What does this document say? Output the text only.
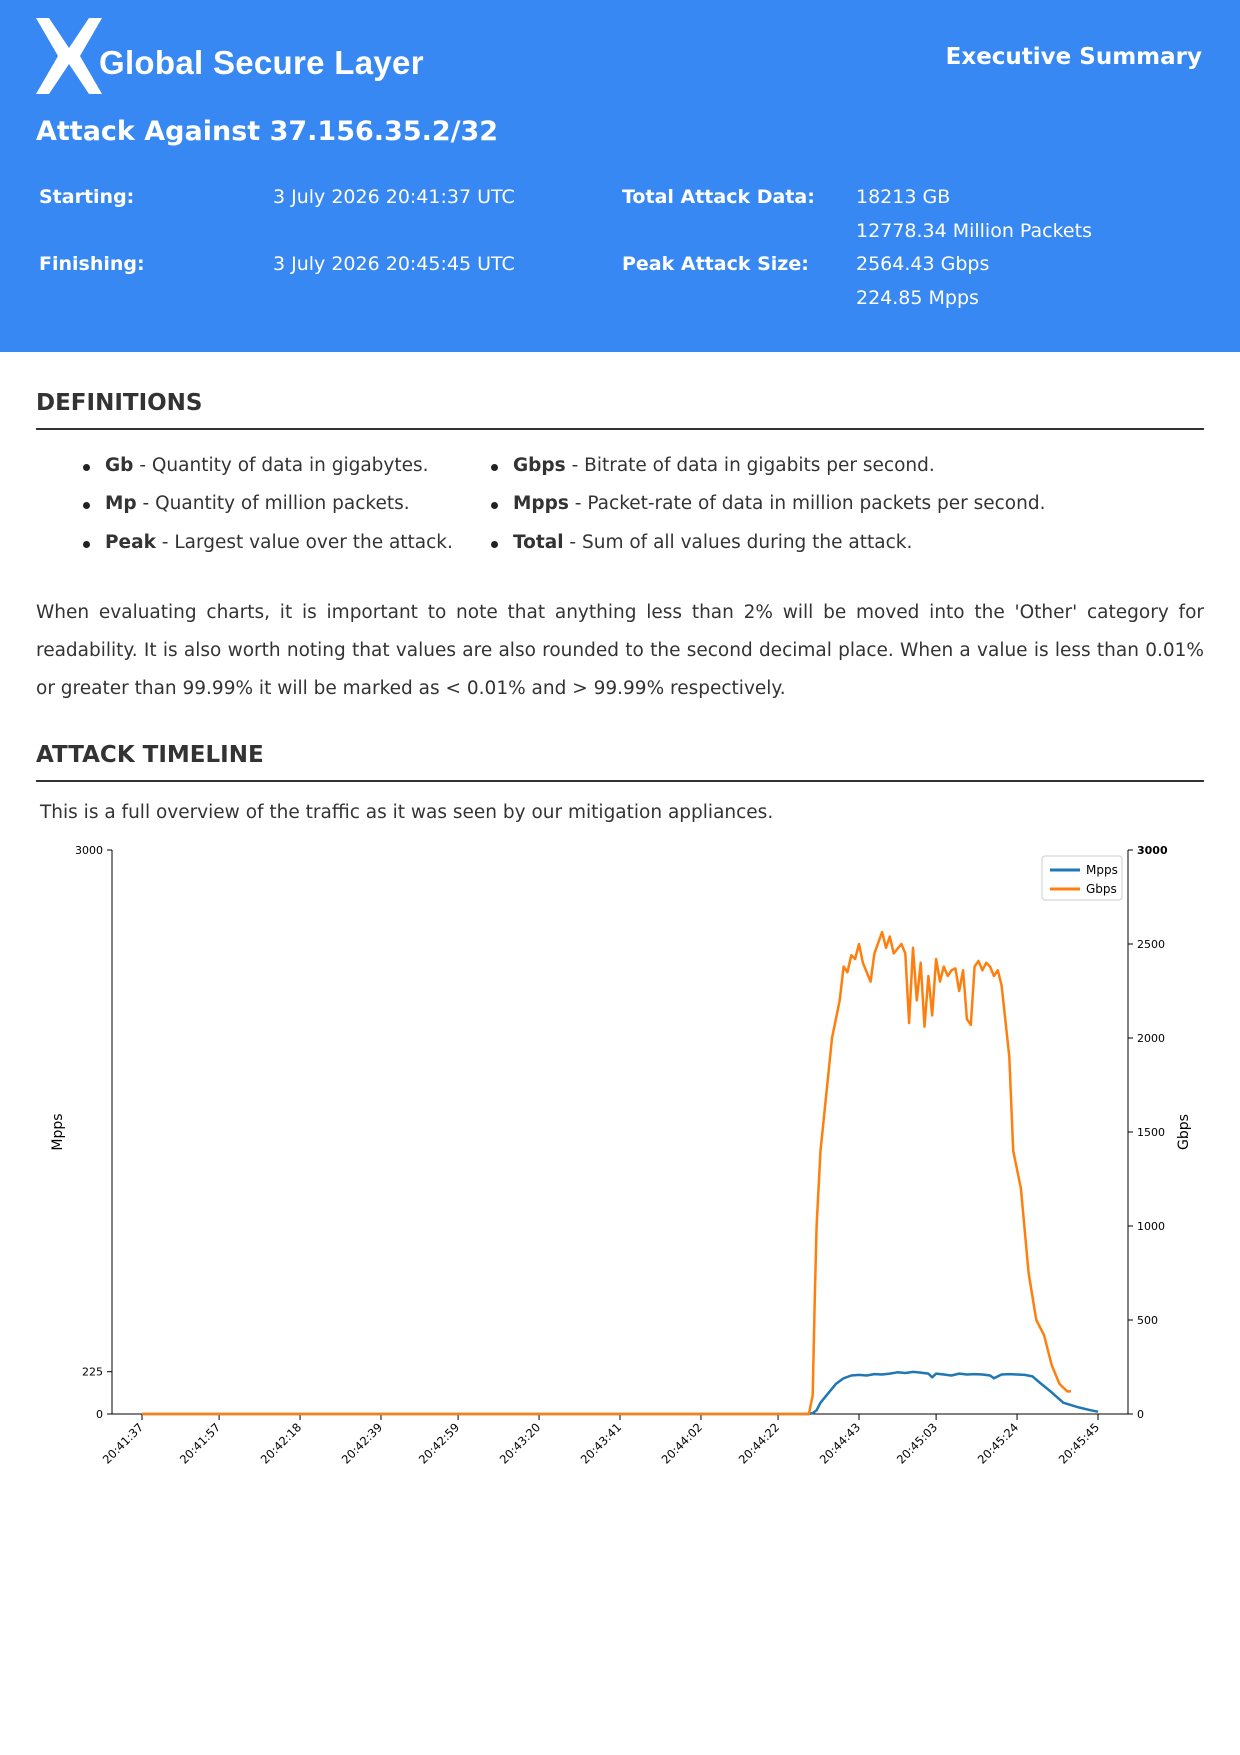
Global Secure Layer	Executive Summary
Attack Against 37.156.35.2/32
Starting:	3 July 2026 20:41:37 UTC
Finishing:	3 July 2026 20:45:45 UTC
Total Attack Data: 18213 GB
12778.34 Million Packets
Peak Attack Size: 2564.43 Gbps
224.85 Mpps
DEFINITIONS
Gb - Quantity of data in gigabytes.
Mp - Quantity of million packets.
Peak - Largest value over the attack.
Gbps - Bitrate of data in gigabits per second.
Mpps - Packet-rate of data in million packets per second.
Total - Sum of all values during the attack.
When evaluating charts, it is important to note that anything less than 2% will be moved into the 'Other' category for readability. It is also worth noting that values are also rounded to the second decimal place. When a value is less than 0.01% or greater than 99.99% it will be marked as < 0.01% and > 99.99% respectively.
ATTACK TIMELINE
This is a full overview of the traffic as it was seen by our mitigation appliances.
0
225
3000
0
500
1000
1500
2000
2500
3000
Mpps	Gbps
20:41:37	20:41:57	20:42:18	20:42:39	20:42:59	20:43:20	20:43:41	20:44:02	20:44:22	20:44:43	20:45:03	20:45:24	20:45:45
Mpps
Gbps
